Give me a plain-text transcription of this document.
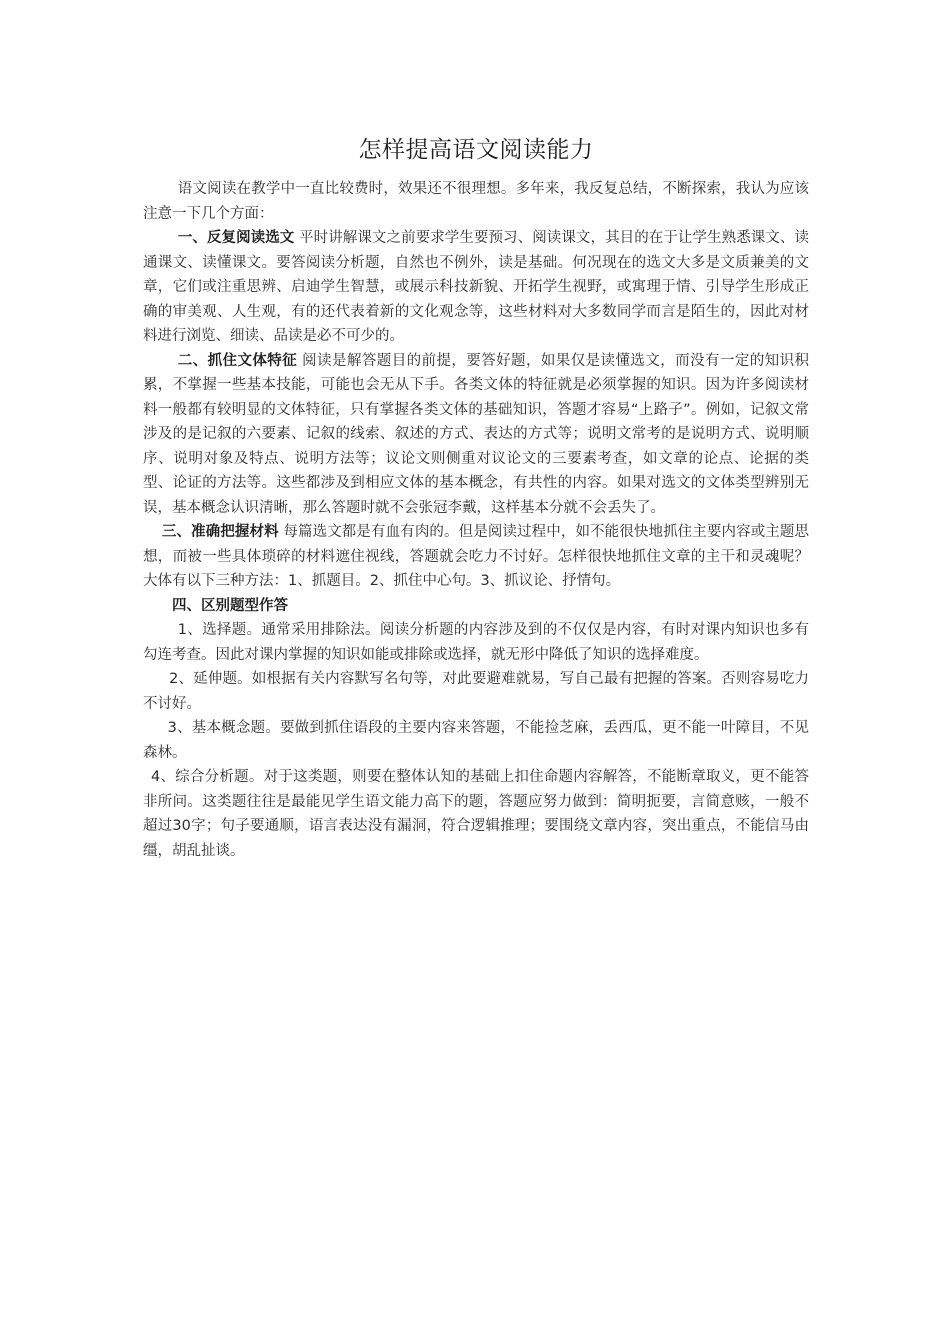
怎样提高语文阅读能力

语文阅读在教学中一直比较费时，效果还不很理想。多年来，我反复总结，不断探索，我认为应该注意一下几个方面：

一、反复阅读选文 平时讲解课文之前要求学生要预习、阅读课文，其目的在于让学生熟悉课文、读通课文、读懂课文。要答阅读分析题，自然也不例外，读是基础。何况现在的选文大多是文质兼美的文章，它们或注重思辨、启迪学生智慧，或展示科技新貌、开拓学生视野，或寓理于情、引导学生形成正确的审美观、人生观，有的还代表着新的文化观念等，这些材料对大多数同学而言是陌生的，因此对材料进行浏览、细读、品读是必不可少的。

二、抓住文体特征 阅读是解答题目的前提，要答好题，如果仅是读懂选文，而没有一定的知识积累，不掌握一些基本技能，可能也会无从下手。各类文体的特征就是必须掌握的知识。因为许多阅读材料一般都有较明显的文体特征，只有掌握各类文体的基础知识，答题才容易“上路子”。例如，记叙文常涉及的是记叙的六要素、记叙的线索、叙述的方式、表达的方式等；说明文常考的是说明方式、说明顺序、说明对象及特点、说明方法等；议论文则侧重对议论文的三要素考查，如文章的论点、论据的类型、论证的方法等。这些都涉及到相应文体的基本概念，有共性的内容。如果对选文的文体类型辨别无误，基本概念认识清晰，那么答题时就不会张冠李戴，这样基本分就不会丢失了。

三、准确把握材料 每篇选文都是有血有肉的。但是阅读过程中，如不能很快地抓住主要内容或主题思想，而被一些具体琐碎的材料遮住视线，答题就会吃力不讨好。怎样很快地抓住文章的主干和灵魂呢？大体有以下三种方法：1、抓题目。2、抓住中心句。3、抓议论、抒情句。

四、区别题型作答

1、选择题。通常采用排除法。阅读分析题的内容涉及到的不仅仅是内容，有时对课内知识也多有勾连考查。因此对课内掌握的知识如能或排除或选择，就无形中降低了知识的选择难度。

2、延伸题。如根据有关内容默写名句等，对此要避难就易，写自己最有把握的答案。否则容易吃力不讨好。

3、基本概念题。要做到抓住语段的主要内容来答题，不能捡芝麻，丢西瓜，更不能一叶障目，不见森林。

4、综合分析题。对于这类题，则要在整体认知的基础上扣住命题内容解答，不能断章取义，更不能答非所问。这类题往往是最能见学生语文能力高下的题，答题应努力做到：简明扼要，言简意赅，一般不超过30字；句子要通顺，语言表达没有漏洞，符合逻辑推理；要围绕文章内容，突出重点，不能信马由缰，胡乱扯谈。
